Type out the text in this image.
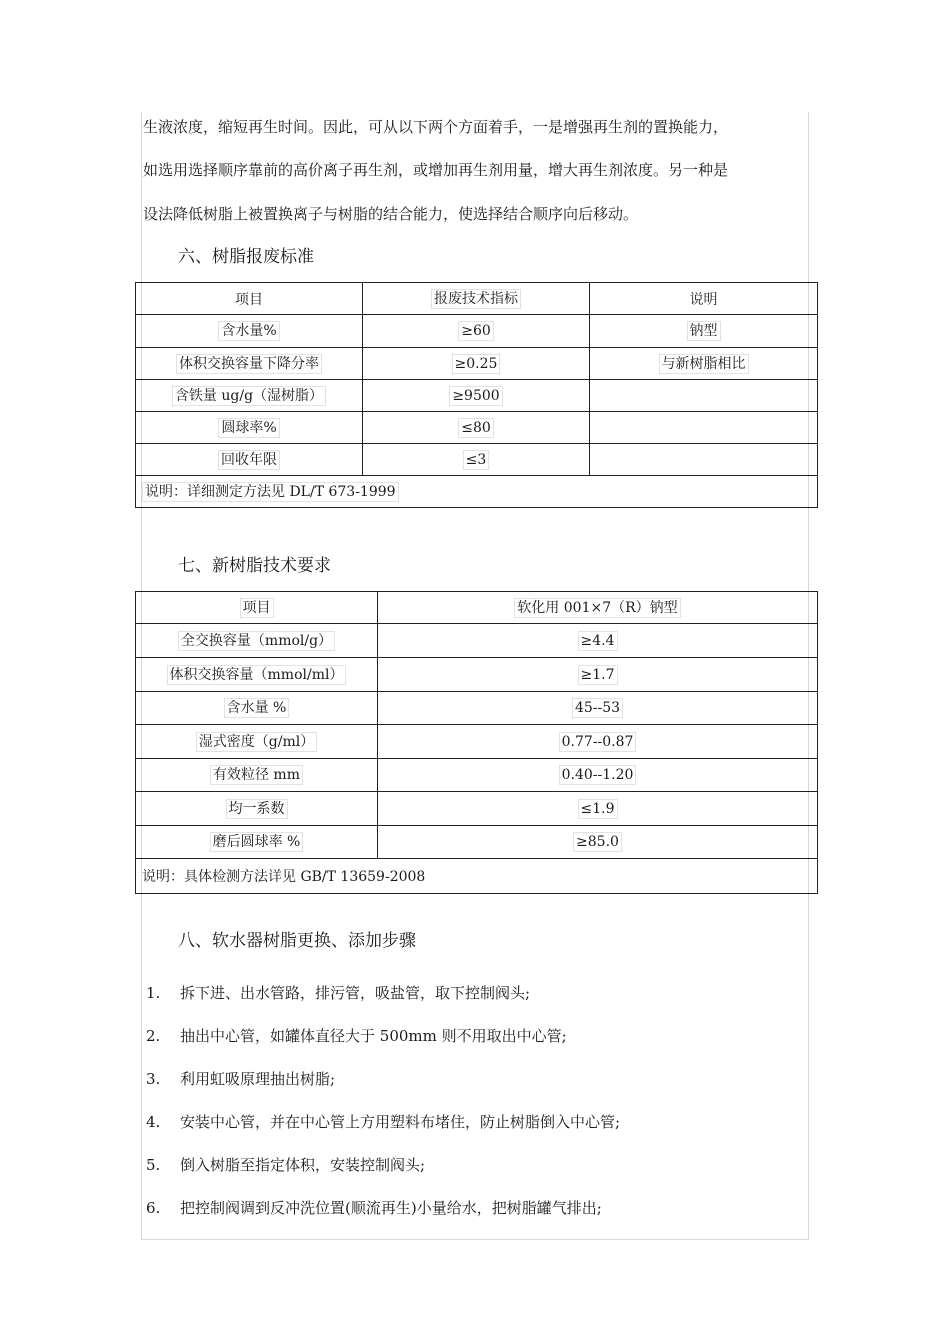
生液浓度，缩短再生时间。因此，可从以下两个方面着手，一是增强再生剂的置换能力，
如选用选择顺序靠前的高价离子再生剂，或增加再生剂用量，增大再生剂浓度。另一种是
设法降低树脂上被置换离子与树脂的结合能力，使选择结合顺序向后移动。
六、树脂报废标准
项目	报废技术指标	说明
含水量%	≥60	钠型
体积交换容量下降分率	≥0.25	与新树脂相比
含铁量 ug/g（湿树脂）	≥9500	
圆球率%	≤80	
回收年限	≤3	
说明：详细测定方法见 DL/T 673-1999		
七、新树脂技术要求
项目	软化用 001×7（R）钠型
全交换容量（mmol/g）	≥4.4
体积交换容量（mmol/ml）	≥1.7
含水量 %	45--53
湿式密度（g/ml）	0.77--0.87
有效粒径 mm	0.40--1.20
均一系数	≤1.9
磨后圆球率 %	≥85.0
说明：具体检测方法详见 GB/T 13659-2008	
八、软水器树脂更换、添加步骤
1. 拆下进、出水管路，排污管，吸盐管，取下控制阀头;
2. 抽出中心管，如罐体直径大于 500mm 则不用取出中心管;
3. 利用虹吸原理抽出树脂;
4. 安装中心管，并在中心管上方用塑料布堵住，防止树脂倒入中心管;
5. 倒入树脂至指定体积，安装控制阀头;
6. 把控制阀调到反冲洗位置(顺流再生)小量给水，把树脂罐气排出;
